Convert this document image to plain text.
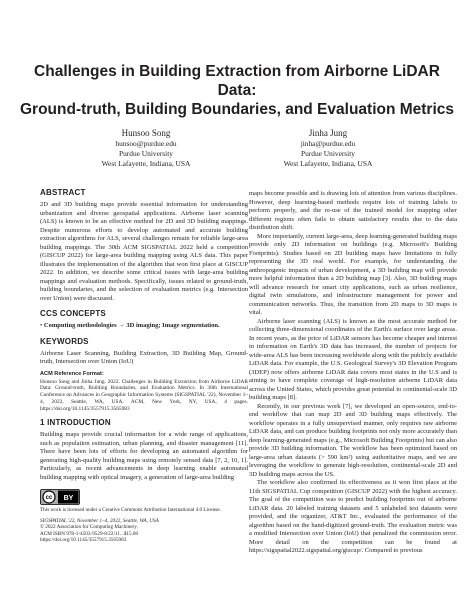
Challenges in Building Extraction from Airborne LiDAR Data:
Ground-truth, Building Boundaries, and Evaluation Metrics
Hunsoo Song
hunsoo@purdue.edu
Purdue University
West Lafayette, Indiana, USA
Jinha Jung
jinha@purdue.edu
Purdue University
West Lafayette, Indiana, USA
ABSTRACT

2D and 3D building maps provide essential information for understanding urbanization and diverse geospatial applications. Airborne laser scanning (ALS) is known to be an effective method for 2D and 3D building mappings. Despite numerous efforts to develop automated and accurate building extraction algorithms for ALS, several challenges remain for reliable large-area building mappings. The 30th ACM SIGSPATIAL 2022 held a competition (GISCUP 2022) for large-area building mapping using ALS data. This paper illustrates the implementation of the algorithm that won first place at GISCUP 2022. In addition, we describe some critical issues with large-area building mappings and evaluation methods. Specifically, issues related to ground-truth, building boundaries, and the selection of evaluation metrics (e.g. Intersection over Union) were discussed.

CCS CONCEPTS

• Computing methodologies → 3D imaging; Image segmentation.

KEYWORDS

Airborne Laser Scanning, Building Extraction, 3D Building Map, Ground-truth, Intersection over Union (IoU)

ACM Reference Format:

Hunsoo Song and Jinha Jung. 2022. Challenges in Building Extraction from Airborne LiDAR Data: Ground-truth, Building Boundaries, and Evaluation Metrics. In 30th International Conference on Advances in Geographic Information Systems (SIGSPATIAL '22), November 1–4, 2022, Seattle, WA, USA. ACM, New York, NY, USA, 4 pages. https://doi.org/10.1145/3557915.3565983

1 INTRODUCTION

Building maps provide crucial information for a wide range of applications, such as population estimation, urban planning, and disaster management [11]. There have been lots of efforts for developing an automated algorithm for generating high-quality building maps using remotely sensed data [7, 2, 10, 1]. Particularly, as recent advancements in deep learning enable automated building mapping with optical imagery, a generation of large-area building

cc BY

This work is licensed under a Creative Commons Attribution International 4.0 License.

SIGSPATIAL '22, November 1–4, 2022, Seattle, WA, USA

© 2022 Association for Computing Machinery.

ACM ISBN 978-1-4503-9529-8/22/11...$15.00

https://doi.org/10.1145/3557915.3565983

maps become possible and is drawing lots of attention from various disciplines. However, deep learning-based methods require lots of training labels to perform properly, and the re-use of the trained model for mapping other different regions often fails to obtain satisfactory results due to the data distribution shift.

More importantly, current large-area, deep learning-generated building maps provide only 2D information on buildings (e.g. Microsoft's Building Footprints). Studies based on 2D building maps have limitations in fully representing the 3D real world. For example, for understanding the anthropogenic impacts of urban development, a 3D building map will provide more helpful information than a 2D building map [3]. Also, 3D building maps will advance research for smart city applications, such as urban resilience, digital twin simulations, and infrastructure management for power and communication networks. Thus, the transition from 2D maps to 3D maps is vital.

Airborne laser scanning (ALS) is known as the most accurate method for collecting three-dimensional coordinates of the Earth's surface over large areas. In recent years, as the price of LiDAR sensors has become cheaper and interest in information on Earth's 3D data has increased, the number of projects for wide-area ALS has been increasing worldwide along with the publicly available LiDAR data. For example, the U.S. Geological Survey's 3D Elevation Program (3DEP) now offers airborne LiDAR data covers most states in the U.S and is aiming to have complete coverage of high-resolution airborne LiDAR data across the United States, which provides great potential to continental-scale 3D building maps [8].

Recently, in our previous work [7], we developed an open-source, end-to-end workflow that can map 2D and 3D building maps effectively. The workflow operates in a fully unsupervised manner, only requires raw airborne LiDAR data, and can produce building footprints not only more accurately than deep learning-generated maps (e.g., Microsoft Building Footprints) but can also provide 3D building information. The workflow has been optimized based on large-area urban datasets (> 590 km²) using authoritative maps, and we are leveraging the workflow to generate high-resolution, continental-scale 2D and 3D building maps across the US.

The workflow also confirmed its effectiveness as it won first place at the 11th SIGSPATIAL Cup competition (GISCUP 2022) with the highest accuracy. The goal of the competition was to predict building footprints out of airborne LiDAR data. 20 labeled training datasets and 5 unlabeled test datasets were provided, and the organizer, AT&T Inc., evaluated the performance of the algorithm based on the hand-digitized ground-truth. The evaluation metric was a modified Intersection over Union (IoU) that penalized the commission error. More detail on the competition can be found at https://sigspatial2022.sigspatial.org/giscup/. Compared to previous
